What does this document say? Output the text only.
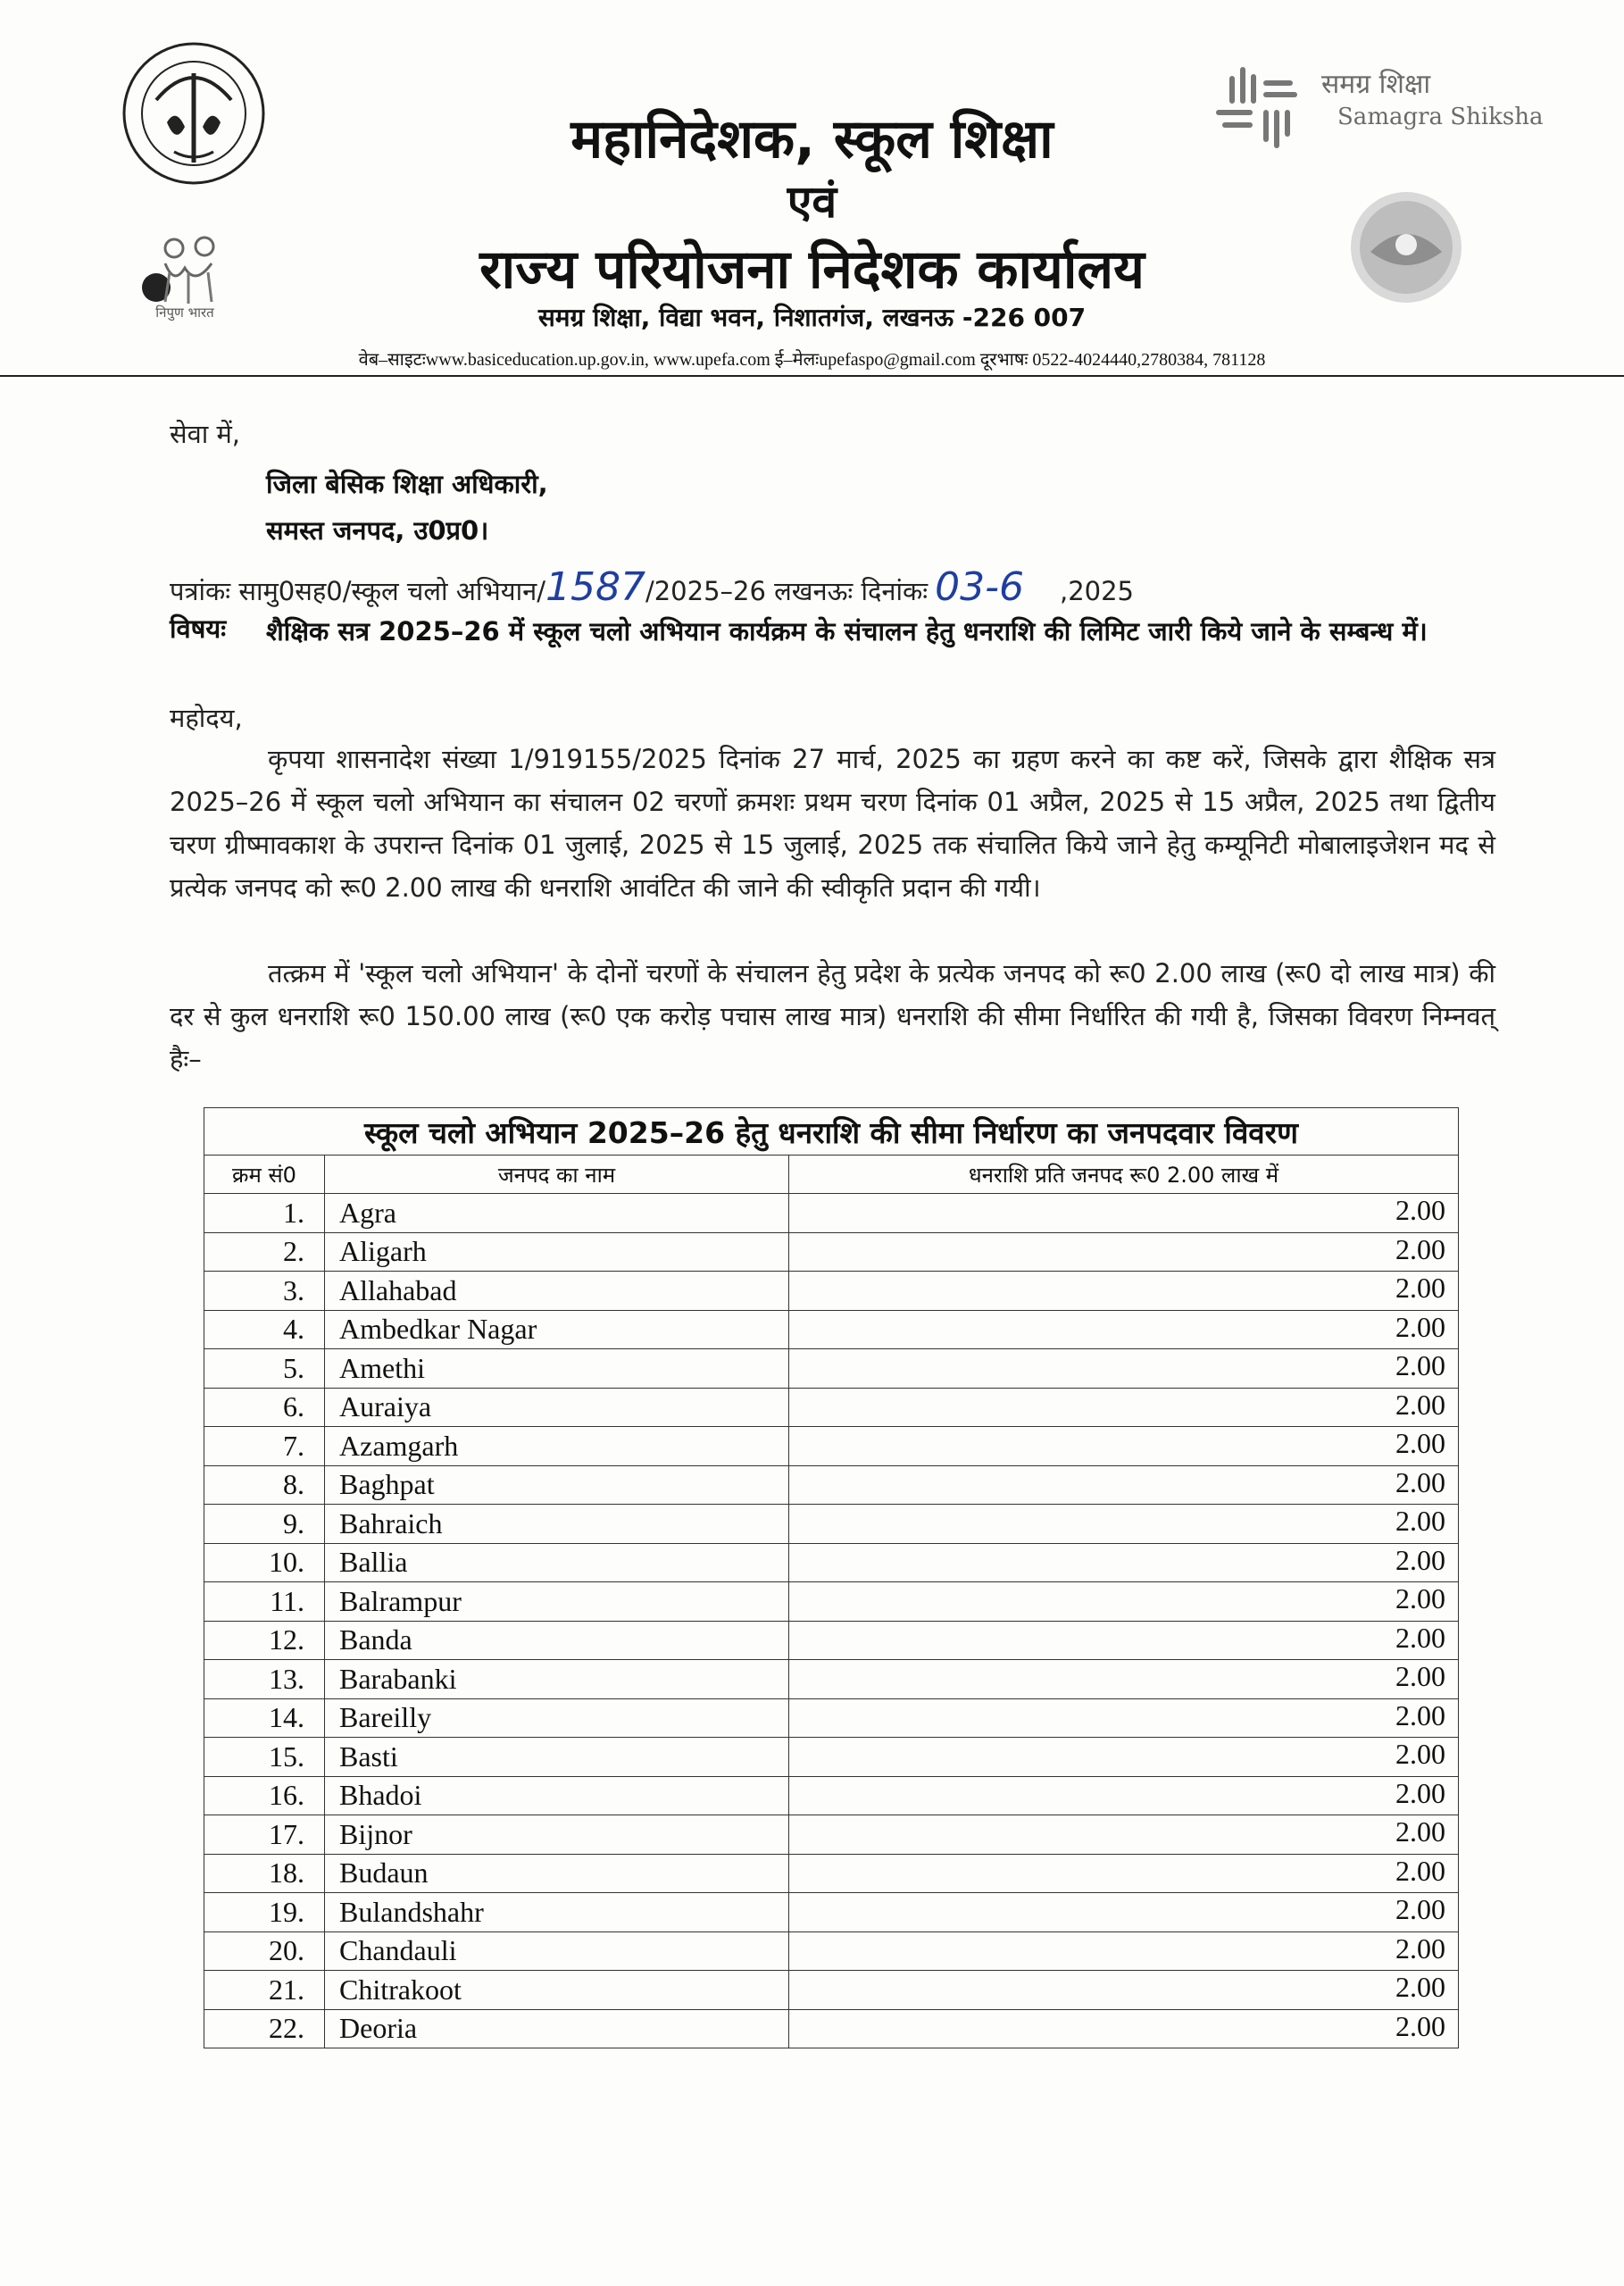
निपुण भारत
समग्र शिक्षा
Samagra Shiksha
महानिदेशक, स्कूल शिक्षा
एवं
राज्य परियोजना निदेशक कार्यालय
समग्र शिक्षा, विद्या भवन, निशातगंज, लखनऊ -226 007
वेब–साइटःwww.basiceducation.up.gov.in, www.upefa.com ई–मेलःupefaspo@gmail.com दूरभाषः 0522-4024440,2780384, 781128
सेवा में,
जिला बेसिक शिक्षा अधिकारी,
समस्त जनपद, उ0प्र0।
पत्रांकः सामु0सह0/स्कूल चलो अभियान/1587/2025–26 लखनऊः दिनांकः 03-6 ,2025
विषयः शैक्षिक सत्र 2025–26 में स्कूल चलो अभियान कार्यक्रम के संचालन हेतु धनराशि की लिमिट जारी किये जाने के सम्बन्ध में।
महोदय,

कृपया शासनादेश संख्या 1/919155/2025 दिनांक 27 मार्च, 2025 का ग्रहण करने का कष्ट करें, जिसके द्वारा शैक्षिक सत्र 2025–26 में स्कूल चलो अभियान का संचालन 02 चरणों क्रमशः प्रथम चरण दिनांक 01 अप्रैल, 2025 से 15 अप्रैल, 2025 तथा द्वितीय चरण ग्रीष्मावकाश के उपरान्त दिनांक 01 जुलाई, 2025 से 15 जुलाई, 2025 तक संचालित किये जाने हेतु कम्यूनिटी मोबालाइजेशन मद से प्रत्येक जनपद को रू0 2.00 लाख की धनराशि आवंटित की जाने की स्वीकृति प्रदान की गयी।

तत्क्रम में 'स्कूल चलो अभियान' के दोनों चरणों के संचालन हेतु प्रदेश के प्रत्येक जनपद को रू0 2.00 लाख (रू0 दो लाख मात्र) की दर से कुल धनराशि रू0 150.00 लाख (रू0 एक करोड़ पचास लाख मात्र) धनराशि की सीमा निर्धारित की गयी है, जिसका विवरण निम्नवत् हैः–

स्कूल चलो अभियान 2025–26 हेतु धनराशि की सीमा निर्धारण का जनपदवार विवरण		
क्रम सं0	जनपद का नाम	धनराशि प्रति जनपद रू0 2.00 लाख में
1.	Agra	2.00
2.	Aligarh	2.00
3.	Allahabad	2.00
4.	Ambedkar Nagar	2.00
5.	Amethi	2.00
6.	Auraiya	2.00
7.	Azamgarh	2.00
8.	Baghpat	2.00
9.	Bahraich	2.00
10.	Ballia	2.00
11.	Balrampur	2.00
12.	Banda	2.00
13.	Barabanki	2.00
14.	Bareilly	2.00
15.	Basti	2.00
16.	Bhadoi	2.00
17.	Bijnor	2.00
18.	Budaun	2.00
19.	Bulandshahr	2.00
20.	Chandauli	2.00
21.	Chitrakoot	2.00
22.	Deoria	2.00
